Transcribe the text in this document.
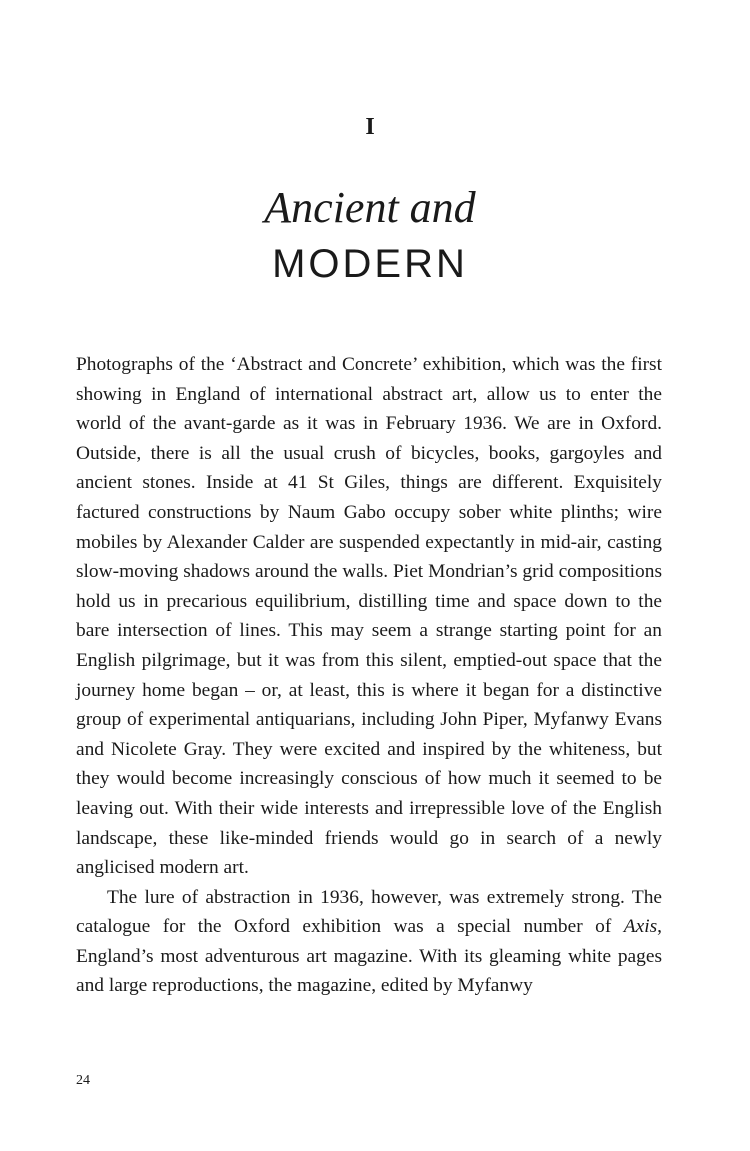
I
Ancient and
MODERN

Photographs of the ‘Abstract and Concrete’ exhibition, which was the first showing in England of international abstract art, allow us to enter the world of the avant-garde as it was in February 1936. We are in Oxford. Outside, there is all the usual crush of bicycles, books, gargoyles and ancient stones. Inside at 41 St Giles, things are different. Exquisitely factured constructions by Naum Gabo occupy sober white plinths; wire mobiles by Alexander Calder are suspended expectantly in mid-air, casting slow-moving shadows around the walls. Piet Mondrian’s grid compositions hold us in precarious equilibrium, distilling time and space down to the bare intersection of lines. This may seem a strange starting point for an English pilgrimage, but it was from this silent, emptied-out space that the journey home began – or, at least, this is where it began for a distinctive group of experimental antiquarians, including John Piper, Myfanwy Evans and Nicolete Gray. They were excited and inspired by the whiteness, but they would become increasingly conscious of how much it seemed to be leaving out. With their wide interests and irrepressible love of the English landscape, these like-minded friends would go in search of a newly anglicised modern art.

The lure of abstraction in 1936, however, was extremely strong. The catalogue for the Oxford exhibition was a special number of Axis, England’s most adventurous art magazine. With its gleaming white pages and large reproductions, the magazine, edited by Myfanwy

24
